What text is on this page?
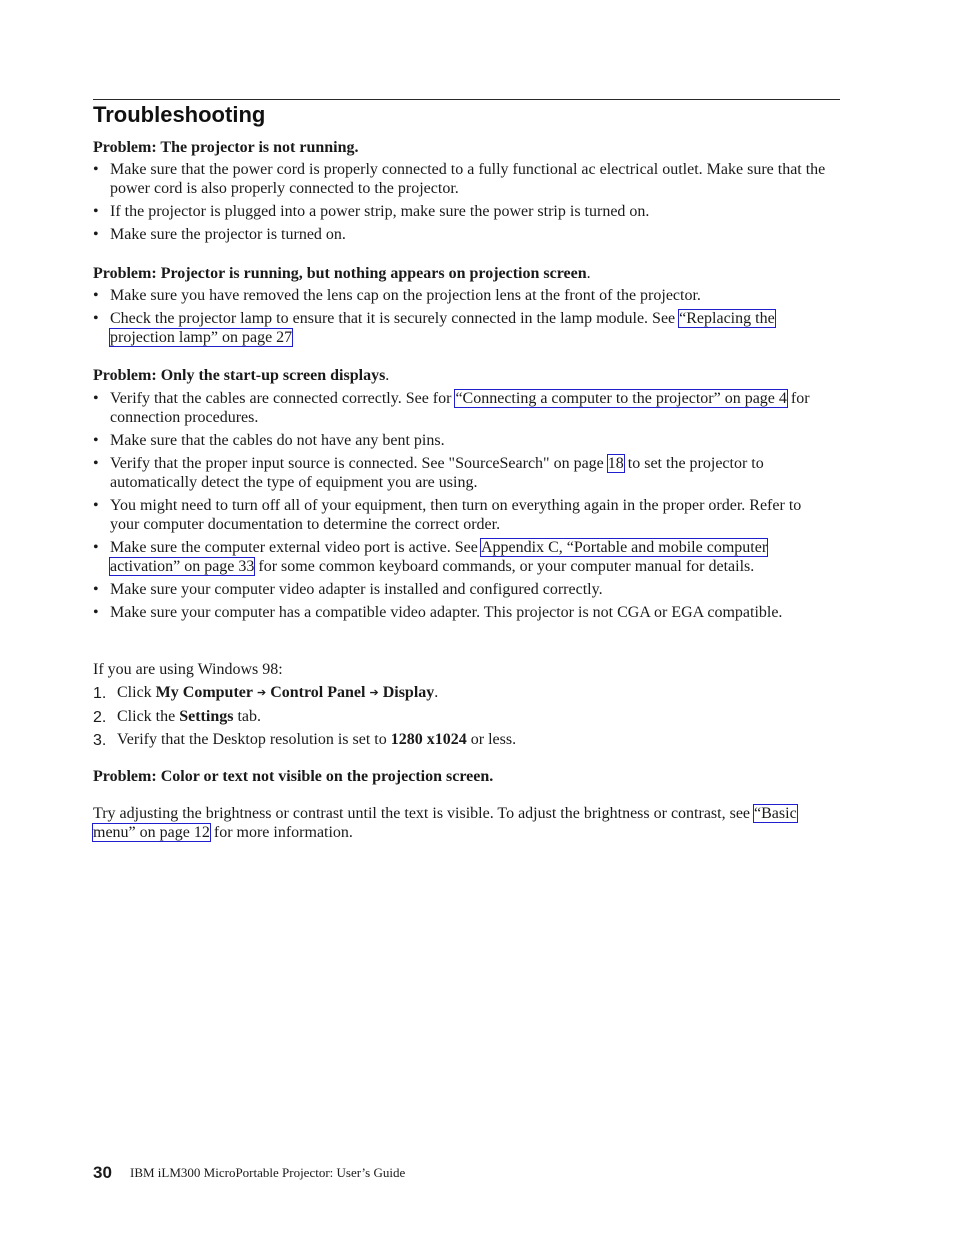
Troubleshooting
Problem: The projector is not running.
• Make sure that the power cord is properly connected to a fully functional ac electrical outlet. Make sure that the power cord is also properly connected to the projector.
• If the projector is plugged into a power strip, make sure the power strip is turned on.
• Make sure the projector is turned on.
Problem: Projector is running, but nothing appears on projection screen.
• Make sure you have removed the lens cap on the projection lens at the front of the projector.
• Check the projector lamp to ensure that it is securely connected in the lamp module. See “Replacing the projection lamp” on page 27
Problem: Only the start-up screen displays.
• Verify that the cables are connected correctly. See for “Connecting a computer to the projector” on page 4 for connection procedures.
• Make sure that the cables do not have any bent pins.
• Verify that the proper input source is connected. See "SourceSearch" on page 18 to set the projector to automatically detect the type of equipment you are using.
• You might need to turn off all of your equipment, then turn on everything again in the proper order. Refer to your computer documentation to determine the correct order.
• Make sure the computer external video port is active. See Appendix C, “Portable and mobile computer activation” on page 33 for some common keyboard commands, or your computer manual for details.
• Make sure your computer video adapter is installed and configured correctly.
• Make sure your computer has a compatible video adapter. This projector is not CGA or EGA compatible.
If you are using Windows 98:
1. Click My Computer ➔ Control Panel ➔ Display.
2. Click the Settings tab.
3. Verify that the Desktop resolution is set to 1280 x1024 or less.
Problem: Color or text not visible on the projection screen.
Try adjusting the brightness or contrast until the text is visible. To adjust the brightness or contrast, see “Basic menu” on page 12 for more information.
30 IBM iLM300 MicroPortable Projector: User’s Guide
